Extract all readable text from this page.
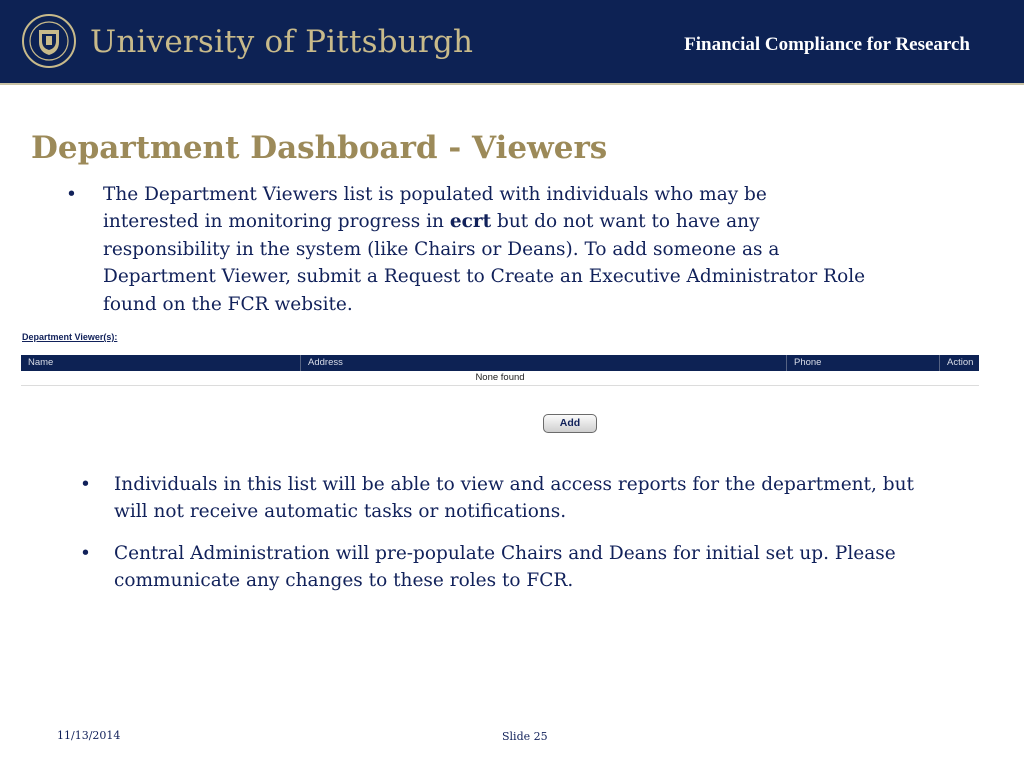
University of Pittsburgh	Financial Compliance for Research
Department Dashboard - Viewers

• The Department Viewers list is populated with individuals who may be interested in monitoring progress in ecrt but do not want to have any responsibility in the system (like Chairs or Deans). To add someone as a Department Viewer, submit a Request to Create an Executive Administrator Role found on the FCR website.

Department Viewer(s):
Name	Address	Phone	Action
None found
Add

• Individuals in this list will be able to view and access reports for the department, but will not receive automatic tasks or notifications.

• Central Administration will pre-populate Chairs and Deans for initial set up. Please communicate any changes to these roles to FCR.

11/13/2014	Slide 25
